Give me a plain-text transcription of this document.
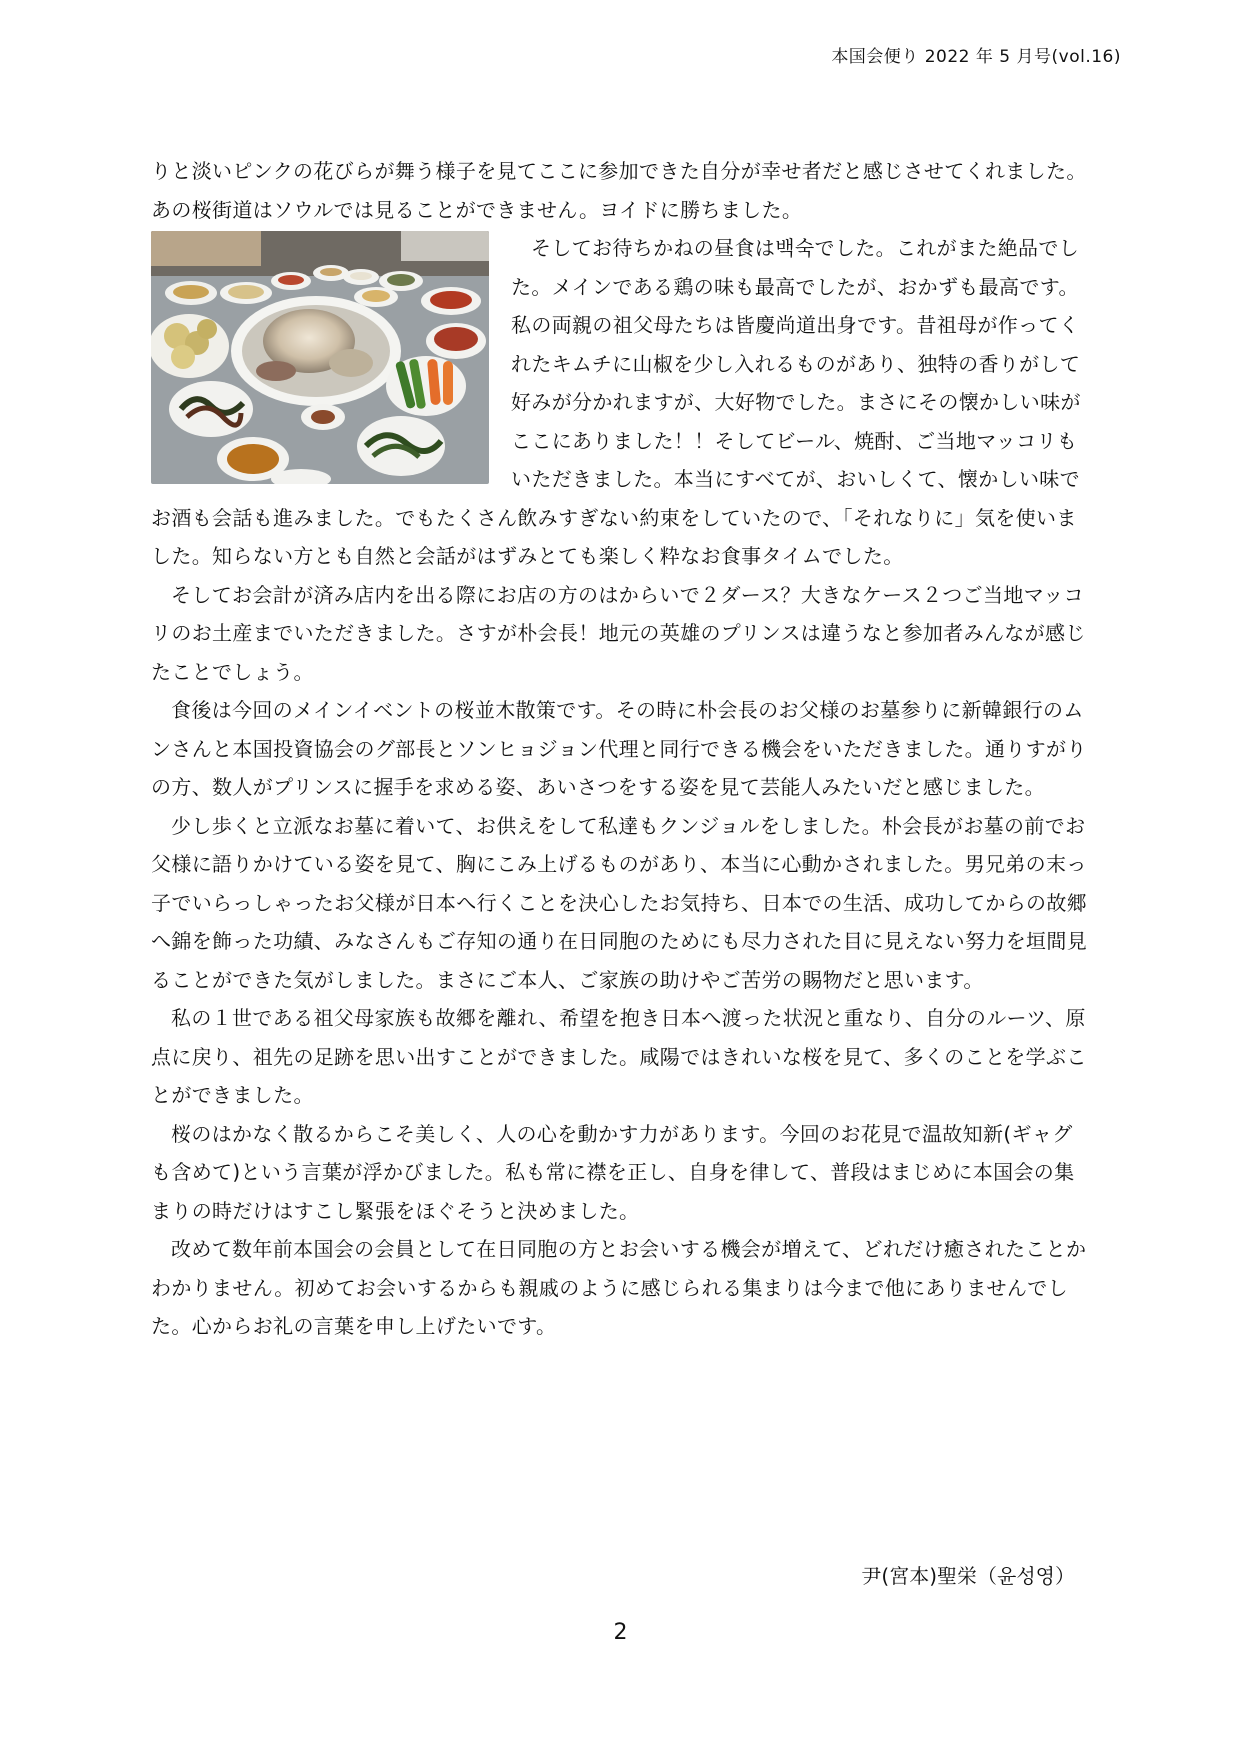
本国会便り 2022 年 5 月号(vol.16)

りと淡いピンクの花びらが舞う様子を見てここに参加できた自分が幸せ者だと感じさせてくれました。あの桜街道はソウルでは見ることができません。ヨイドに勝ちました。

そしてお待ちかねの昼食は백숙でした。これがまた絶品でした。メインである鶏の味も最高でしたが、おかずも最高です。私の両親の祖父母たちは皆慶尚道出身です。昔祖母が作ってくれたキムチに山椒を少し入れるものがあり、独特の香りがして好みが分かれますが、大好物でした。まさにその懐かしい味がここにありました！！そしてビール、焼酎、ご当地マッコリもいただきました。本当にすべてが、おいしくて、懐かしい味でお酒も会話も進みました。でもたくさん飲みすぎない約束をしていたので、「それなりに」気を使いました。知らない方とも自然と会話がはずみとても楽しく粋なお食事タイムでした。

そしてお会計が済み店内を出る際にお店の方のはからいで２ダース？大きなケース２つご当地マッコリのお土産までいただきました。さすが朴会長！地元の英雄のプリンスは違うなと参加者みんなが感じたことでしょう。

食後は今回のメインイベントの桜並木散策です。その時に朴会長のお父様のお墓参りに新韓銀行のムンさんと本国投資協会のグ部長とソンヒョジョン代理と同行できる機会をいただきました。通りすがりの方、数人がプリンスに握手を求める姿、あいさつをする姿を見て芸能人みたいだと感じました。

少し歩くと立派なお墓に着いて、お供えをして私達もクンジョルをしました。朴会長がお墓の前でお父様に語りかけている姿を見て、胸にこみ上げるものがあり、本当に心動かされました。男兄弟の末っ子でいらっしゃったお父様が日本へ行くことを決心したお気持ち、日本での生活、成功してからの故郷へ錦を飾った功績、みなさんもご存知の通り在日同胞のためにも尽力された目に見えない努力を垣間見ることができた気がしました。まさにご本人、ご家族の助けやご苦労の賜物だと思います。

私の１世である祖父母家族も故郷を離れ、希望を抱き日本へ渡った状況と重なり、自分のルーツ、原点に戻り、祖先の足跡を思い出すことができました。咸陽ではきれいな桜を見て、多くのことを学ぶことができました。

桜のはかなく散るからこそ美しく、人の心を動かす力があります。今回のお花見で温故知新(ギャグも含めて)という言葉が浮かびました。私も常に襟を正し、自身を律して、普段はまじめに本国会の集まりの時だけはすこし緊張をほぐそうと決めました。

改めて数年前本国会の会員として在日同胞の方とお会いする機会が増えて、どれだけ癒されたことかわかりません。初めてお会いするからも親戚のように感じられる集まりは今まで他にありませんでした。心からお礼の言葉を申し上げたいです。

尹(宮本)聖栄（윤성영）
2
